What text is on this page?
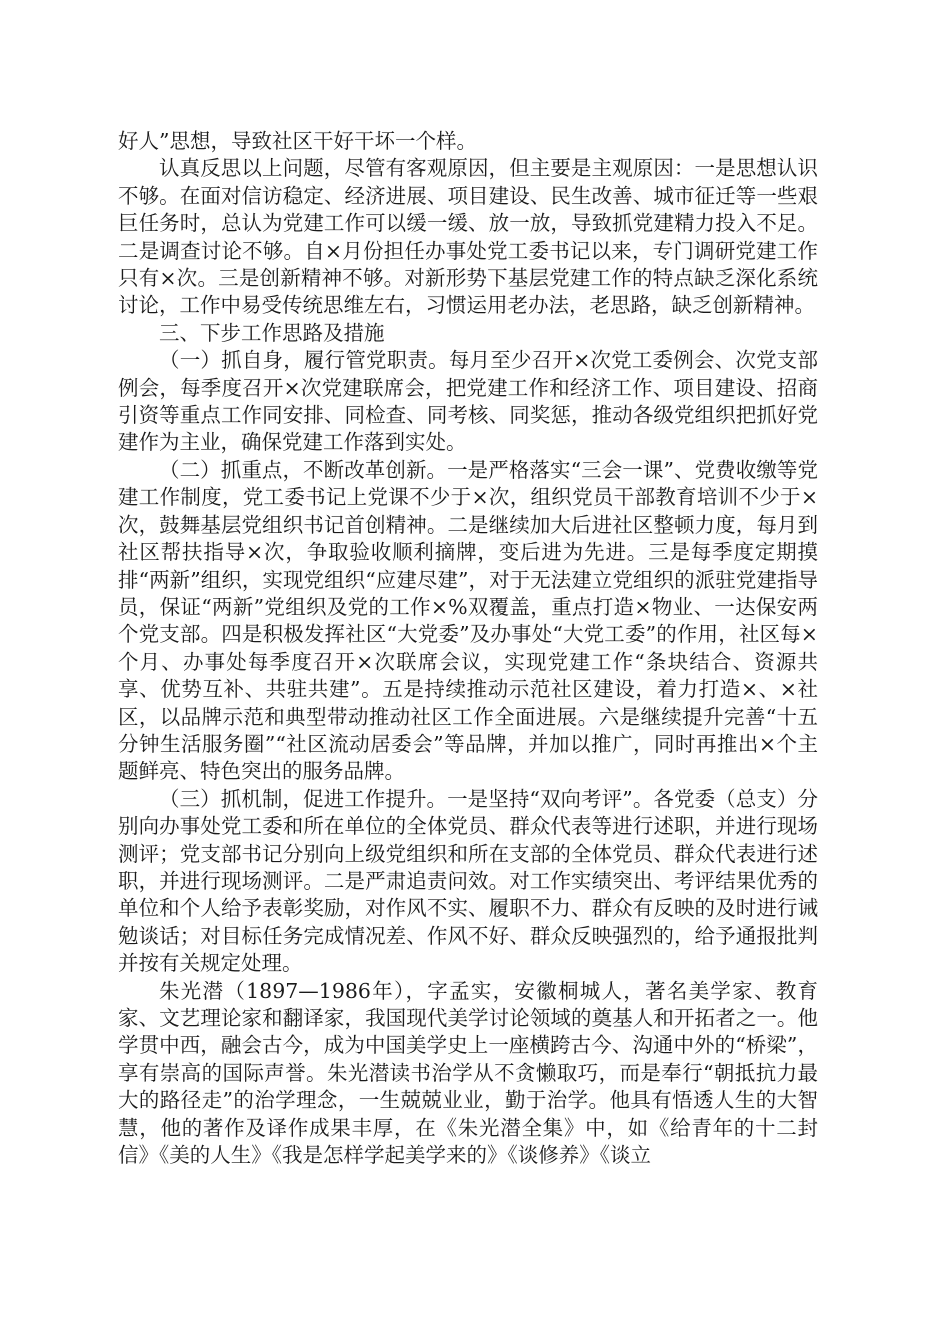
好人”思想，导致社区干好干坏一个样。

认真反思以上问题，尽管有客观原因，但主要是主观原因：一是思想认识不够。在面对信访稳定、经济进展、项目建设、民生改善、城市征迁等一些艰巨任务时，总认为党建工作可以缓一缓、放一放，导致抓党建精力投入不足。二是调查讨论不够。自×月份担任办事处党工委书记以来，专门调研党建工作只有×次。三是创新精神不够。对新形势下基层党建工作的特点缺乏深化系统讨论，工作中易受传统思维左右，习惯运用老办法，老思路，缺乏创新精神。

三、下步工作思路及措施

（一）抓自身，履行管党职责。每月至少召开×次党工委例会、次党支部例会，每季度召开×次党建联席会，把党建工作和经济工作、项目建设、招商引资等重点工作同安排、同检查、同考核、同奖惩，推动各级党组织把抓好党建作为主业，确保党建工作落到实处。

（二）抓重点，不断改革创新。一是严格落实“三会一课”、党费收缴等党建工作制度，党工委书记上党课不少于×次，组织党员干部教育培训不少于×次，鼓舞基层党组织书记首创精神。二是继续加大后进社区整顿力度，每月到社区帮扶指导×次，争取验收顺利摘牌，变后进为先进。三是每季度定期摸排“两新”组织，实现党组织“应建尽建”，对于无法建立党组织的派驻党建指导员，保证“两新”党组织及党的工作×%双覆盖，重点打造×物业、一达保安两个党支部。四是积极发挥社区“大党委”及办事处“大党工委”的作用，社区每×个月、办事处每季度召开×次联席会议，实现党建工作“条块结合、资源共享、优势互补、共驻共建”。五是持续推动示范社区建设，着力打造×、×社区，以品牌示范和典型带动推动社区工作全面进展。六是继续提升完善“十五分钟生活服务圈”“社区流动居委会”等品牌，并加以推广，同时再推出×个主题鲜亮、特色突出的服务品牌。

（三）抓机制，促进工作提升。一是坚持“双向考评”。各党委（总支）分别向办事处党工委和所在单位的全体党员、群众代表等进行述职，并进行现场测评；党支部书记分别向上级党组织和所在支部的全体党员、群众代表进行述职，并进行现场测评。二是严肃追责问效。对工作实绩突出、考评结果优秀的单位和个人给予表彰奖励，对作风不实、履职不力、群众有反映的及时进行诫勉谈话；对目标任务完成情况差、作风不好、群众反映强烈的，给予通报批判并按有关规定处理。

朱光潜（1897—1986年），字孟实，安徽桐城人，著名美学家、教育家、文艺理论家和翻译家，我国现代美学讨论领域的奠基人和开拓者之一。他学贯中西，融会古今，成为中国美学史上一座横跨古今、沟通中外的“桥梁”，享有崇高的国际声誉。朱光潜读书治学从不贪懒取巧，而是奉行“朝抵抗力最大的路径走”的治学理念，一生兢兢业业，勤于治学。他具有悟透人生的大智慧，他的著作及译作成果丰厚，在《朱光潜全集》中，如《给青年的十二封信》《美的人生》《我是怎样学起美学来的》《谈修养》《谈立
